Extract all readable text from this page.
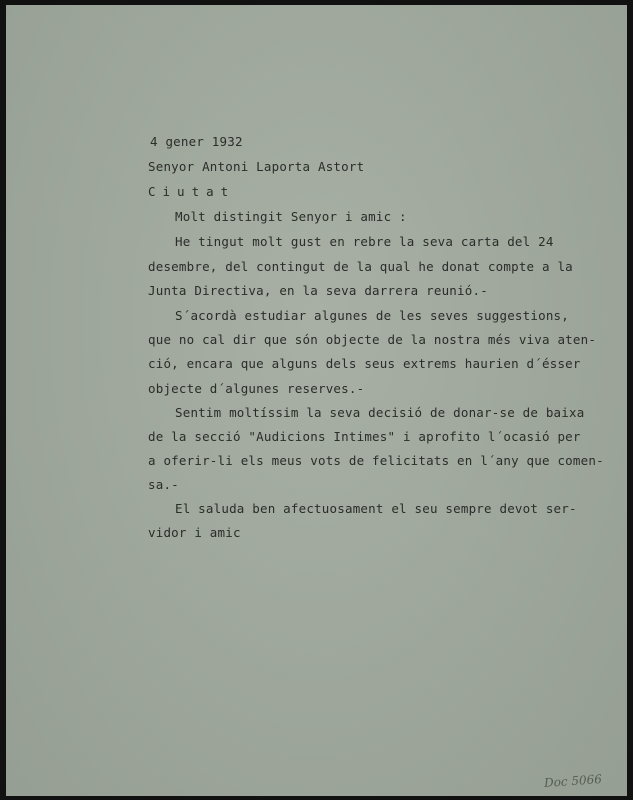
4 gener 1932
Senyor Antoni Laporta Astort
Ciutat
Molt distingit Senyor i amic :
He tingut molt gust en rebre la seva carta del 24
desembre, del contingut de la qual he donat compte a la
Junta Directiva, en la seva darrera reunió.-
S´acordà estudiar algunes de les seves suggestions,
que no cal dir que són objecte de la nostra més viva aten-
ció, encara que alguns dels seus extrems haurien d´ésser
objecte d´algunes reserves.-
Sentim moltíssim la seva decisió de donar-se de baixa
de la secció "Audicions Intimes" i aprofito l´ocasió per
a oferir-li els meus vots de felicitats en l´any que comen-
sa.-
El saluda ben afectuosament el seu sempre devot ser-
vidor i amic
Doc 5066
